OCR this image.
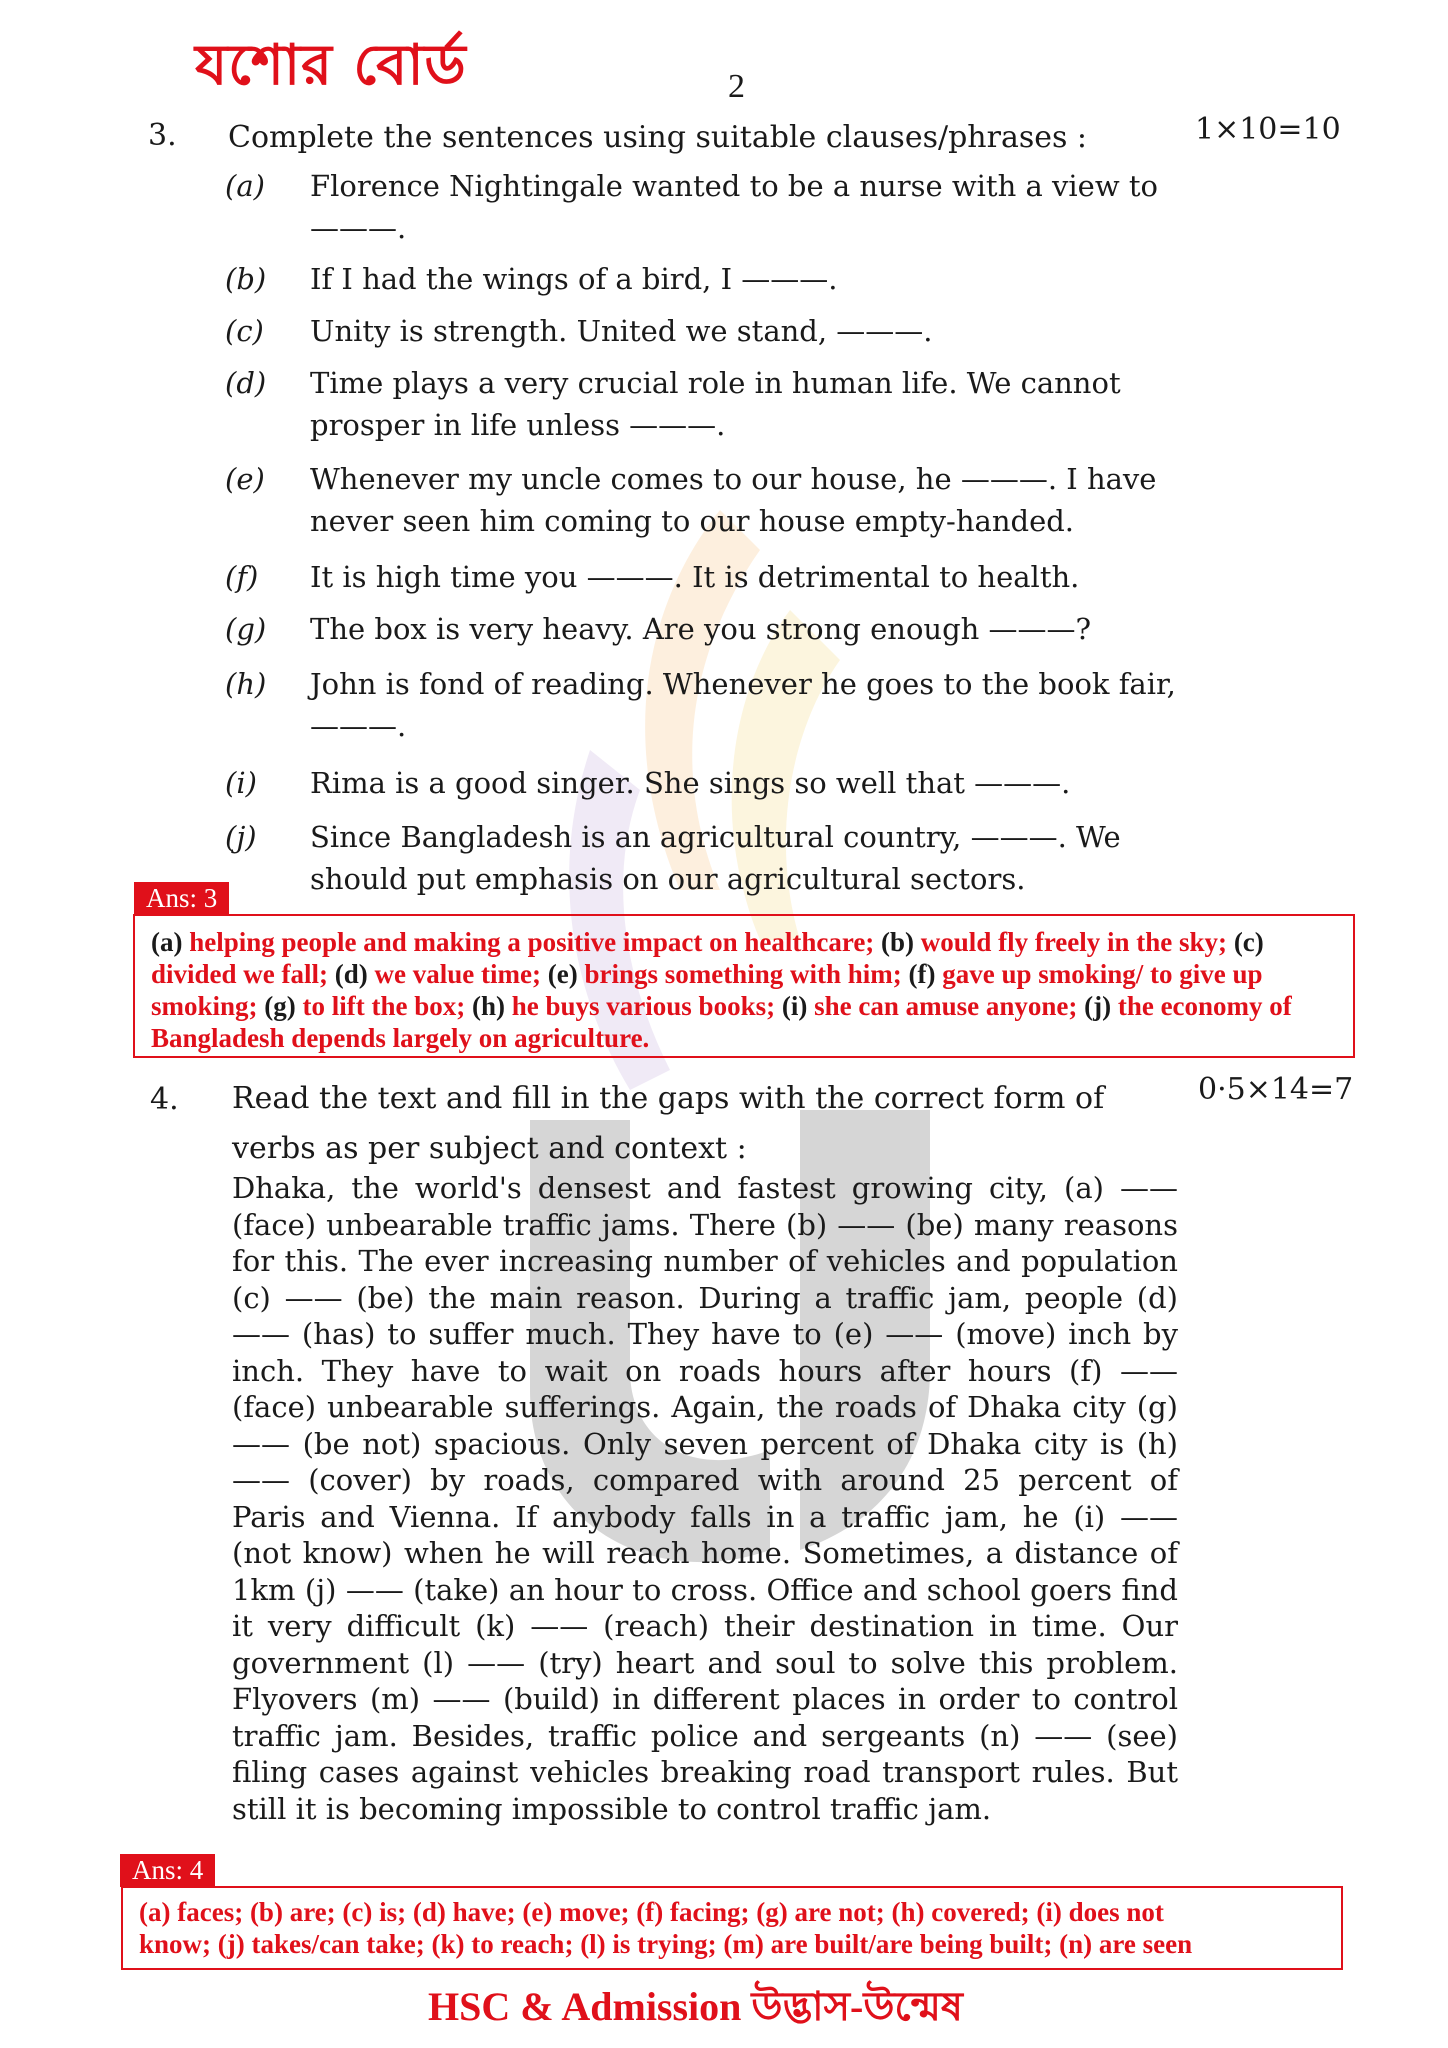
যশোর বোর্ড	2
3. Complete the sentences using suitable clauses/phrases :	1×10=10
(a)	Florence Nightingale wanted to be a nurse with a view to ———.
(b)	If I had the wings of a bird, I ———.
(c)	Unity is strength. United we stand, ———.
(d)	Time plays a very crucial role in human life. We cannot prosper in life unless ———.
(e)	Whenever my uncle comes to our house, he ———. I have never seen him coming to our house empty-handed.
(f)	It is high time you ———. It is detrimental to health.
(g)	The box is very heavy. Are you strong enough ———?
(h)	John is fond of reading. Whenever he goes to the book fair, ———.
(i)	Rima is a good singer. She sings so well that ———.
(j)	Since Bangladesh is an agricultural country, ———. We should put emphasis on our agricultural sectors.
Ans: 3
(a) helping people and making a positive impact on healthcare; (b) would fly freely in the sky; (c) divided we fall; (d) we value time; (e) brings something with him; (f) gave up smoking/ to give up smoking; (g) to lift the box; (h) he buys various books; (i) she can amuse anyone; (j) the economy of Bangladesh depends largely on agriculture.
4. Read the text and fill in the gaps with the correct form of verbs as per subject and context :
0·5×14=7
Dhaka, the world's densest and fastest growing city, (a) —— (face) unbearable traffic jams. There (b) —— (be) many reasons for this. The ever increasing number of vehicles and population (c) —— (be) the main reason. During a traffic jam, people (d) —— (has) to suffer much. They have to (e) —— (move) inch by inch. They have to wait on roads hours after hours (f) —— (face) unbearable sufferings. Again, the roads of Dhaka city (g) —— (be not) spacious. Only seven percent of Dhaka city is (h) —— (cover) by roads, compared with around 25 percent of Paris and Vienna. If anybody falls in a traffic jam, he (i) —— (not know) when he will reach home. Sometimes, a distance of 1km (j) —— (take) an hour to cross. Office and school goers find it very difficult (k) —— (reach) their destination in time. Our government (l) —— (try) heart and soul to solve this problem. Flyovers (m) —— (build) in different places in order to control traffic jam. Besides, traffic police and sergeants (n) —— (see) filing cases against vehicles breaking road transport rules. But still it is becoming impossible to control traffic jam.
Ans: 4
(a) faces; (b) are; (c) is; (d) have; (e) move; (f) facing; (g) are not; (h) covered; (i) does not
know; (j) takes/can take; (k) to reach; (l) is trying; (m) are built/are being built; (n) are seen
HSC & Admission উদ্ভাস-উন্মেষ
